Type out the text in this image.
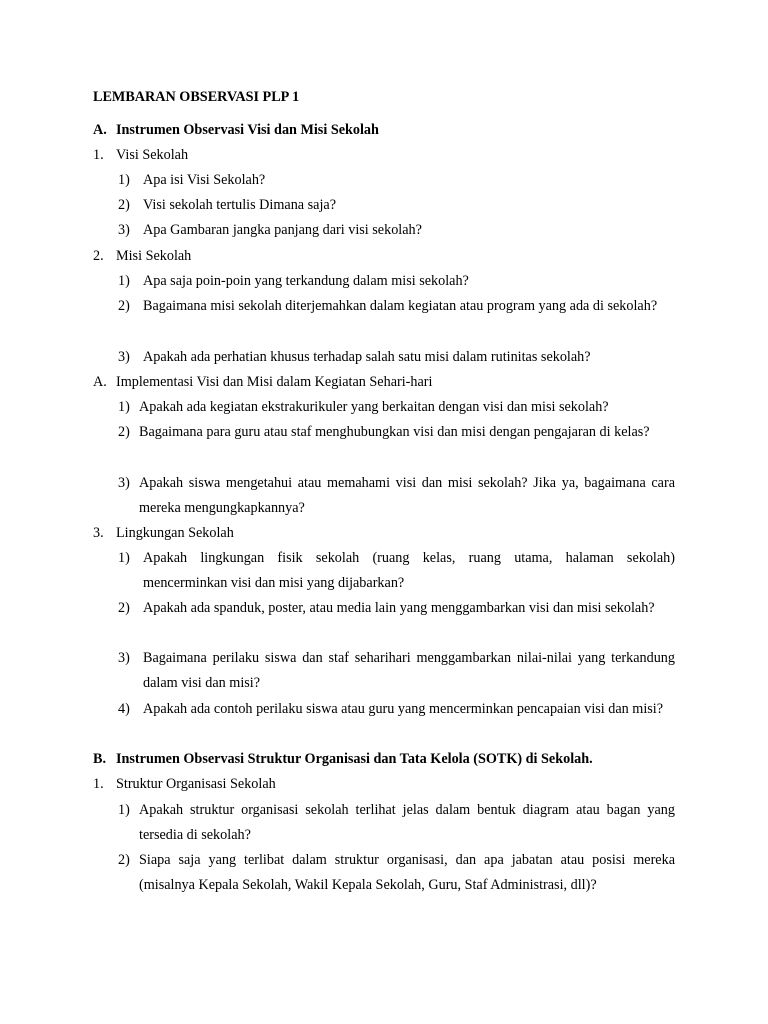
LEMBARAN OBSERVASI PLP 1
A. Instrumen Observasi Visi dan Misi Sekolah
1. Visi Sekolah
1) Apa isi Visi Sekolah?
2) Visi sekolah tertulis Dimana saja?
3) Apa Gambaran jangka panjang dari visi sekolah?
2. Misi Sekolah
1) Apa saja poin-poin yang terkandung dalam misi sekolah?
2) Bagaimana misi sekolah diterjemahkan dalam kegiatan atau program yang ada di sekolah?
3) Apakah ada perhatian khusus terhadap salah satu misi dalam rutinitas sekolah?
A. Implementasi Visi dan Misi dalam Kegiatan Sehari-hari
1) Apakah ada kegiatan ekstrakurikuler yang berkaitan dengan visi dan misi sekolah?
2) Bagaimana para guru atau staf menghubungkan visi dan misi dengan pengajaran di kelas?
3) Apakah siswa mengetahui atau memahami visi dan misi sekolah? Jika ya, bagaimana cara mereka mengungkapkannya?
3. Lingkungan Sekolah
1) Apakah lingkungan fisik sekolah (ruang kelas, ruang utama, halaman sekolah) mencerminkan visi dan misi yang dijabarkan?
2) Apakah ada spanduk, poster, atau media lain yang menggambarkan visi dan misi sekolah?
3) Bagaimana perilaku siswa dan staf seharihari menggambarkan nilai-nilai yang terkandung dalam visi dan misi?
4) Apakah ada contoh perilaku siswa atau guru yang mencerminkan pencapaian visi dan misi?
B. Instrumen Observasi Struktur Organisasi dan Tata Kelola (SOTK) di Sekolah.
1. Struktur Organisasi Sekolah
1) Apakah struktur organisasi sekolah terlihat jelas dalam bentuk diagram atau bagan yang tersedia di sekolah?
2) Siapa saja yang terlibat dalam struktur organisasi, dan apa jabatan atau posisi mereka (misalnya Kepala Sekolah, Wakil Kepala Sekolah, Guru, Staf Administrasi, dll)?
